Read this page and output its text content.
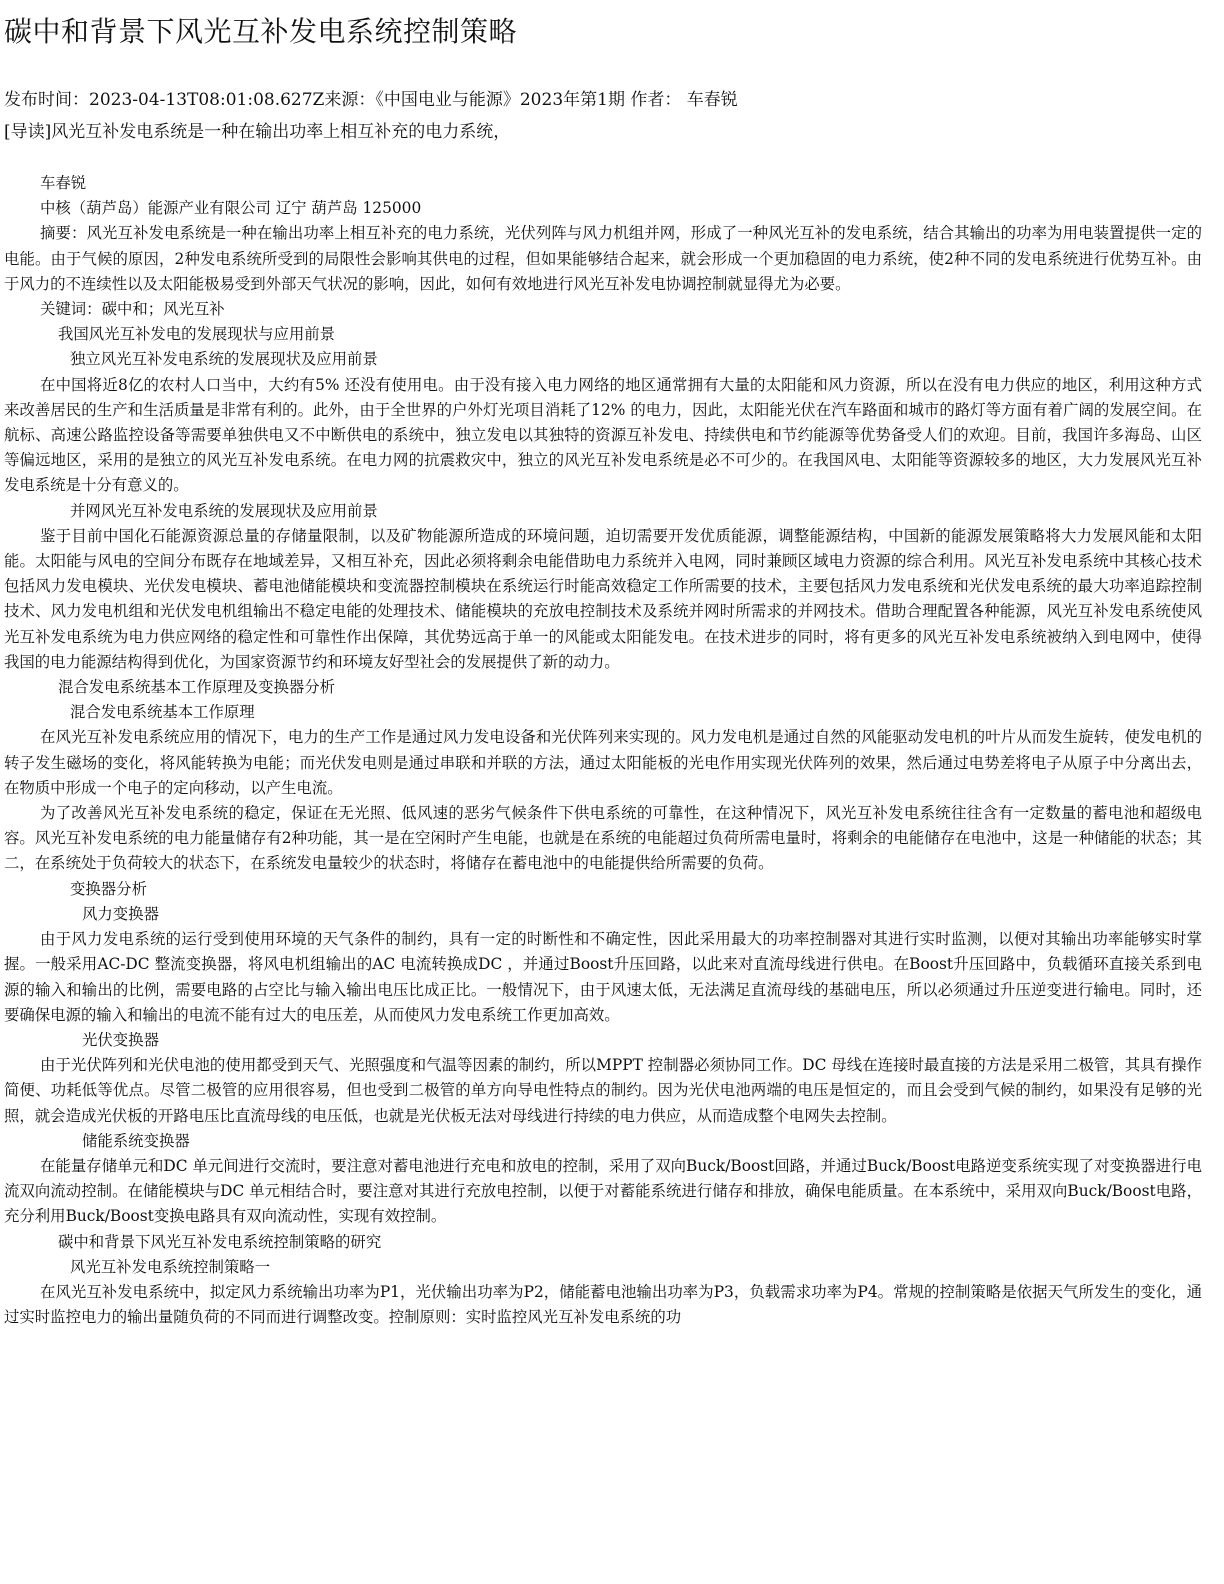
碳中和背景下风光互补发电系统控制策略
发布时间：2023-04-13T08:01:08.627Z来源：《中国电业与能源》2023年第1期 作者： 车春锐
[导读]风光互补发电系统是一种在输出功率上相互补充的电力系统，
车春锐
中核（葫芦岛）能源产业有限公司 辽宁 葫芦岛 125000

摘要：风光互补发电系统是一种在输出功率上相互补充的电力系统，光伏列阵与风力机组并网，形成了一种风光互补的发电系统，结合其输出的功率为用电装置提供一定的电能。由于气候的原因，2种发电系统所受到的局限性会影响其供电的过程，但如果能够结合起来，就会形成一个更加稳固的电力系统，使2种不同的发电系统进行优势互补。由于风力的不连续性以及太阳能极易受到外部天气状况的影响，因此，如何有效地进行风光互补发电协调控制就显得尤为必要。

关键词：碳中和；风光互补
我国风光互补发电的发展现状与应用前景
独立风光互补发电系统的发展现状及应用前景

在中国将近8亿的农村人口当中，大约有5% 还没有使用电。由于没有接入电力网络的地区通常拥有大量的太阳能和风力资源，所以在没有电力供应的地区，利用这种方式来改善居民的生产和生活质量是非常有利的。此外，由于全世界的户外灯光项目消耗了12% 的电力，因此，太阳能光伏在汽车路面和城市的路灯等方面有着广阔的发展空间。在航标、高速公路监控设备等需要单独供电又不中断供电的系统中，独立发电以其独特的资源互补发电、持续供电和节约能源等优势备受人们的欢迎。目前，我国许多海岛、山区等偏远地区，采用的是独立的风光互补发电系统。在电力网的抗震救灾中，独立的风光互补发电系统是必不可少的。在我国风电、太阳能等资源较多的地区，大力发展风光互补发电系统是十分有意义的。

并网风光互补发电系统的发展现状及应用前景

鉴于目前中国化石能源资源总量的存储量限制，以及矿物能源所造成的环境问题，迫切需要开发优质能源，调整能源结构，中国新的能源发展策略将大力发展风能和太阳能。太阳能与风电的空间分布既存在地域差异，又相互补充，因此必须将剩余电能借助电力系统并入电网，同时兼顾区域电力资源的综合利用。风光互补发电系统中其核心技术包括风力发电模块、光伏发电模块、蓄电池储能模块和变流器控制模块在系统运行时能高效稳定工作所需要的技术，主要包括风力发电系统和光伏发电系统的最大功率追踪控制技术、风力发电机组和光伏发电机组输出不稳定电能的处理技术、储能模块的充放电控制技术及系统并网时所需求的并网技术。借助合理配置各种能源，风光互补发电系统使风光互补发电系统为电力供应网络的稳定性和可靠性作出保障，其优势远高于单一的风能或太阳能发电。在技术进步的同时，将有更多的风光互补发电系统被纳入到电网中，使得我国的电力能源结构得到优化，为国家资源节约和环境友好型社会的发展提供了新的动力。

混合发电系统基本工作原理及变换器分析
混合发电系统基本工作原理

在风光互补发电系统应用的情况下，电力的生产工作是通过风力发电设备和光伏阵列来实现的。风力发电机是通过自然的风能驱动发电机的叶片从而发生旋转，使发电机的转子发生磁场的变化，将风能转换为电能；而光伏发电则是通过串联和并联的方法，通过太阳能板的光电作用实现光伏阵列的效果，然后通过电势差将电子从原子中分离出去，在物质中形成一个电子的定向移动，以产生电流。

为了改善风光互补发电系统的稳定，保证在无光照、低风速的恶劣气候条件下供电系统的可靠性，在这种情况下，风光互补发电系统往往含有一定数量的蓄电池和超级电容。风光互补发电系统的电力能量储存有2种功能，其一是在空闲时产生电能，也就是在系统的电能超过负荷所需电量时，将剩余的电能储存在电池中，这是一种储能的状态；其二，在系统处于负荷较大的状态下，在系统发电量较少的状态时，将储存在蓄电池中的电能提供给所需要的负荷。

变换器分析
风力变换器

由于风力发电系统的运行受到使用环境的天气条件的制约，具有一定的时断性和不确定性，因此采用最大的功率控制器对其进行实时监测，以便对其输出功率能够实时掌握。一般采用AC-DC 整流变换器，将风电机组输出的AC 电流转换成DC ，并通过Boost升压回路，以此来对直流母线进行供电。在Boost升压回路中，负载循环直接关系到电源的输入和输出的比例，需要电路的占空比与输入输出电压比成正比。一般情况下，由于风速太低，无法满足直流母线的基础电压，所以必须通过升压逆变进行输电。同时，还要确保电源的输入和输出的电流不能有过大的电压差，从而使风力发电系统工作更加高效。

光伏变换器

由于光伏阵列和光伏电池的使用都受到天气、光照强度和气温等因素的制约，所以MPPT 控制器必须协同工作。DC 母线在连接时最直接的方法是采用二极管，其具有操作简便、功耗低等优点。尽管二极管的应用很容易，但也受到二极管的单方向导电性特点的制约。因为光伏电池两端的电压是恒定的，而且会受到气候的制约，如果没有足够的光照，就会造成光伏板的开路电压比直流母线的电压低，也就是光伏板无法对母线进行持续的电力供应，从而造成整个电网失去控制。

储能系统变换器

在能量存储单元和DC 单元间进行交流时，要注意对蓄电池进行充电和放电的控制，采用了双向Buck/Boost回路，并通过Buck/Boost电路逆变系统实现了对变换器进行电流双向流动控制。在储能模块与DC 单元相结合时，要注意对其进行充放电控制，以便于对蓄能系统进行储存和排放，确保电能质量。在本系统中，采用双向Buck/Boost电路，充分利用Buck/Boost变换电路具有双向流动性，实现有效控制。

碳中和背景下风光互补发电系统控制策略的研究
风光互补发电系统控制策略一

在风光互补发电系统中，拟定风力系统输出功率为P1，光伏输出功率为P2，储能蓄电池输出功率为P3，负载需求功率为P4。常规的控制策略是依据天气所发生的变化，通过实时监控电力的输出量随负荷的不同而进行调整改变。控制原则：实时监控风光互补发电系统的功
